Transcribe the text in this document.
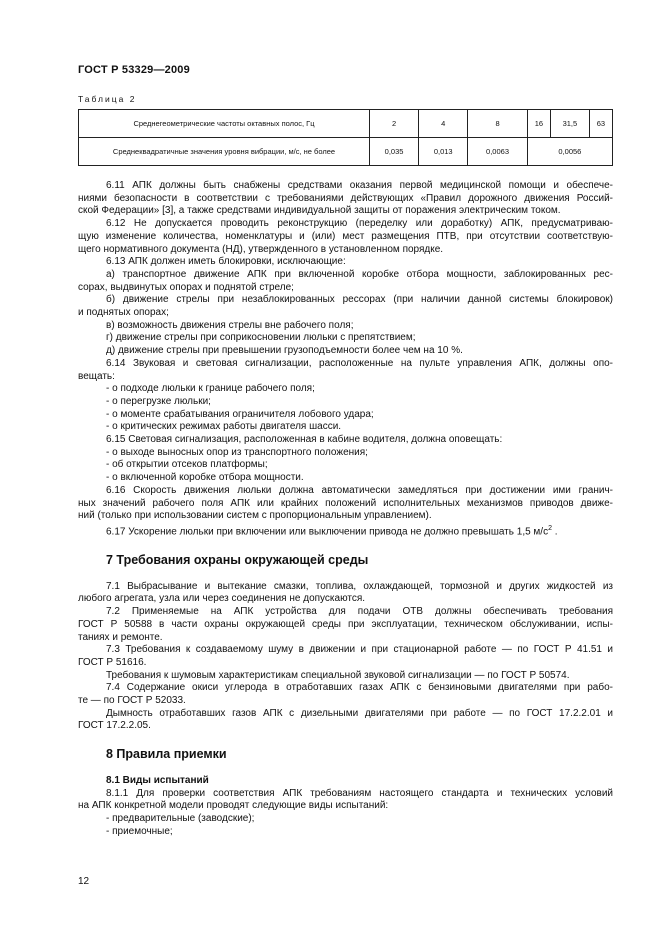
ГОСТ Р 53329—2009
Таблица 2
Среднегеометрические частоты октавных полос, Гц	2	4	8	16	31,5	63
Среднеквадратичные значения уровня вибрации, м/с, не более	0,035	0,013	0,0063	0,0056		

6.11 АПК должны быть снабжены средствами оказания первой медицинской помощи и обеспече-

ниями безопасности в соответствии с требованиями действующих «Правил дорожного движения Россий-

ской Федерации» [3], а также средствами индивидуальной защиты от поражения электрическим током.

6.12 Не допускается проводить реконструкцию (переделку или доработку) АПК, предусматриваю-

щую изменение количества, номенклатуры и (или) мест размещения ПТВ, при отсутствии соответствую-

щего нормативного документа (НД), утвержденного в установленном порядке.

6.13 АПК должен иметь блокировки, исключающие:

а) транспортное движение АПК при включенной коробке отбора мощности, заблокированных рес-

сорах, выдвинутых опорах и поднятой стреле;

б) движение стрелы при незаблокированных рессорах (при наличии данной системы блокировок)

и поднятых опорах;

в) возможность движения стрелы вне рабочего поля;

г) движение стрелы при соприкосновении люльки с препятствием;

д) движение стрелы при превышении грузоподъемности более чем на 10 %.

6.14 Звуковая и световая сигнализации, расположенные на пульте управления АПК, должны опо-

вещать:

- о подходе люльки к границе рабочего поля;

- о перегрузке люльки;

- о моменте срабатывания ограничителя лобового удара;

- о критических режимах работы двигателя шасси.

6.15 Световая сигнализация, расположенная в кабине водителя, должна оповещать:

- о выходе выносных опор из транспортного положения;

- об открытии отсеков платформы;

- о включенной коробке отбора мощности.

6.16 Скорость движения люльки должна автоматически замедляться при достижении ими гранич-

ных значений рабочего поля АПК или крайних положений исполнительных механизмов приводов движе-

ний (только при использовании систем с пропорциональным управлением).

6.17 Ускорение люльки при включении или выключении привода не должно превышать 1,5 $м/с^2$ .

7 Требования охраны окружающей среды

7.1 Выбрасывание и вытекание смазки, топлива, охлаждающей, тормозной и других жидкостей из

любого агрегата, узла или через соединения не допускаются.

7.2 Применяемые на АПК устройства для подачи ОТВ должны обеспечивать требования

ГОСТ Р 50588 в части охраны окружающей среды при эксплуатации, техническом обслуживании, испы-

таниях и ремонте.

7.3 Требования к создаваемому шуму в движении и при стационарной работе — по ГОСТ Р 41.51 и

ГОСТ Р 51616.

Требования к шумовым характеристикам специальной звуковой сигнализации — по ГОСТ Р 50574.

7.4 Содержание окиси углерода в отработавших газах АПК с бензиновыми двигателями при рабо-

те — по ГОСТ Р 52033.

Дымность отработавших газов АПК с дизельными двигателями при работе — по ГОСТ 17.2.2.01 и

ГОСТ 17.2.2.05.

8 Правила приемки

8.1 Виды испытаний

8.1.1 Для проверки соответствия АПК требованиям настоящего стандарта и технических условий

на АПК конкретной модели проводят следующие виды испытаний:

- предварительные (заводские);

- приемочные;

12
